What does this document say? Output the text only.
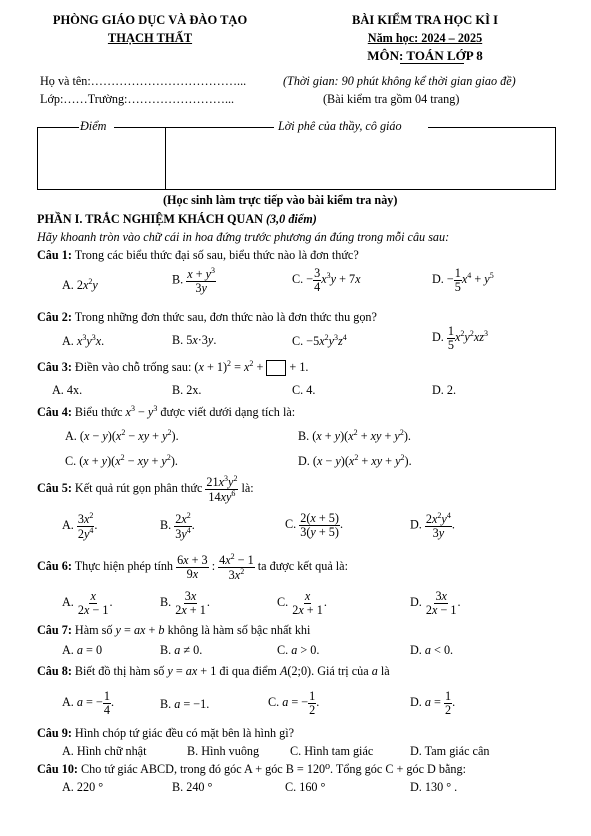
PHÒNG GIÁO DỤC VÀ ĐÀO TẠO
THẠCH THẤT
BÀI KIỂM TRA HỌC KÌ I
Năm học: 2024 – 2025
MÔN: TOÁN LỚP 8
Họ và tên:………………………………...
Lớp:……Trường:……………………...
(Thời gian: 90 phút không kể thời gian giao đề)
(Bài kiểm tra gồm 04 trang)
Điểm	Lời phê của thầy, cô giáo
(Học sinh làm trực tiếp vào bài kiểm tra này)
PHẦN I. TRẮC NGHIỆM KHÁCH QUAN (3,0 điểm)
Hãy khoanh tròn vào chữ cái in hoa đứng trước phương án đúng trong mỗi câu sau:
Câu 1: Trong các biểu thức đại số sau, biểu thức nào là đơn thức?
A. $2x^2y$	B. $\frac{x + y^3}{3y}$	C. − $\frac{3}{4} x^3y + 7x$	D. − $\frac{1}{5} x^4 + y^5$
Câu 2: Trong những đơn thức sau, đơn thức nào là đơn thức thu gọn?
A. $x^3y^3x$.	B. 5x·3y.	C. $-5x^2y^3z^4$	D. $\frac{1}{5} x^2y^2xz^3$
Câu 3: Điền vào chỗ trống sau: $(x + 1)^2 = x^2$ +  + 1.
A. 4x.	B. 2x.	C. 4.	D. 2.
Câu 4: Biểu thức $x^3 - y^3$ được viết dưới dạng tích là:
A. $(x - y)(x^2$ − xy + $y^2$).	B. $(x + y)(x^2$ + xy + $y^2$).
C. $(x + y)(x^2$ − xy + $y^2$).	D. $(x - y)(x^2$ + xy + $y^2$).
Câu 5: Kết quả rút gọn phân thức $\frac{21x^3y^2}{14xy^6}$ là:
A. $\frac{3x^2}{2y^4}$ .	B. $\frac{2x^2}{3y^4}$ .	C. $\frac{2(x + 5)}{3(y + 5)}$ .	D. $\frac{2x^2y^4}{3y}$ .
Câu 6: Thực hiện phép tính $\frac{6x + 3}{9x}$ : $\frac{4x^2 - 1}{3x^2}$ ta được kết quả là:
A. $\frac{x}{2x - 1}$ .	B. $\frac{3x}{2x + 1}$ .	C. $\frac{x}{2x + 1}$ .	D. $\frac{3x}{2x - 1}$ .
Câu 7: Hàm số y = ax + b không là hàm số bậc nhất khi
A. a = 0	B. a ≠ 0.	C. a > 0.	D. a < 0.
Câu 8: Biết đồ thị hàm số y = ax + 1 đi qua điểm A(2;0). Giá trị của a là
A. a = − $\frac{1}{4}$ .	B. a = −1.	C. a = − $\frac{1}{2}$ .	D. $a = \frac{1}{2}$ .
Câu 9: Hình chóp tứ giác đều có mặt bên là hình gì?
A. Hình chữ nhật	B. Hình vuông	C. Hình tam giác	D. Tam giác cân
Câu 10: Cho tứ giác ABCD, trong đó góc A + góc B = 120⁰. Tổng góc C + góc D bằng:
A. 220 °	B. 240 °	C. 160 °	D. 130 ° .
